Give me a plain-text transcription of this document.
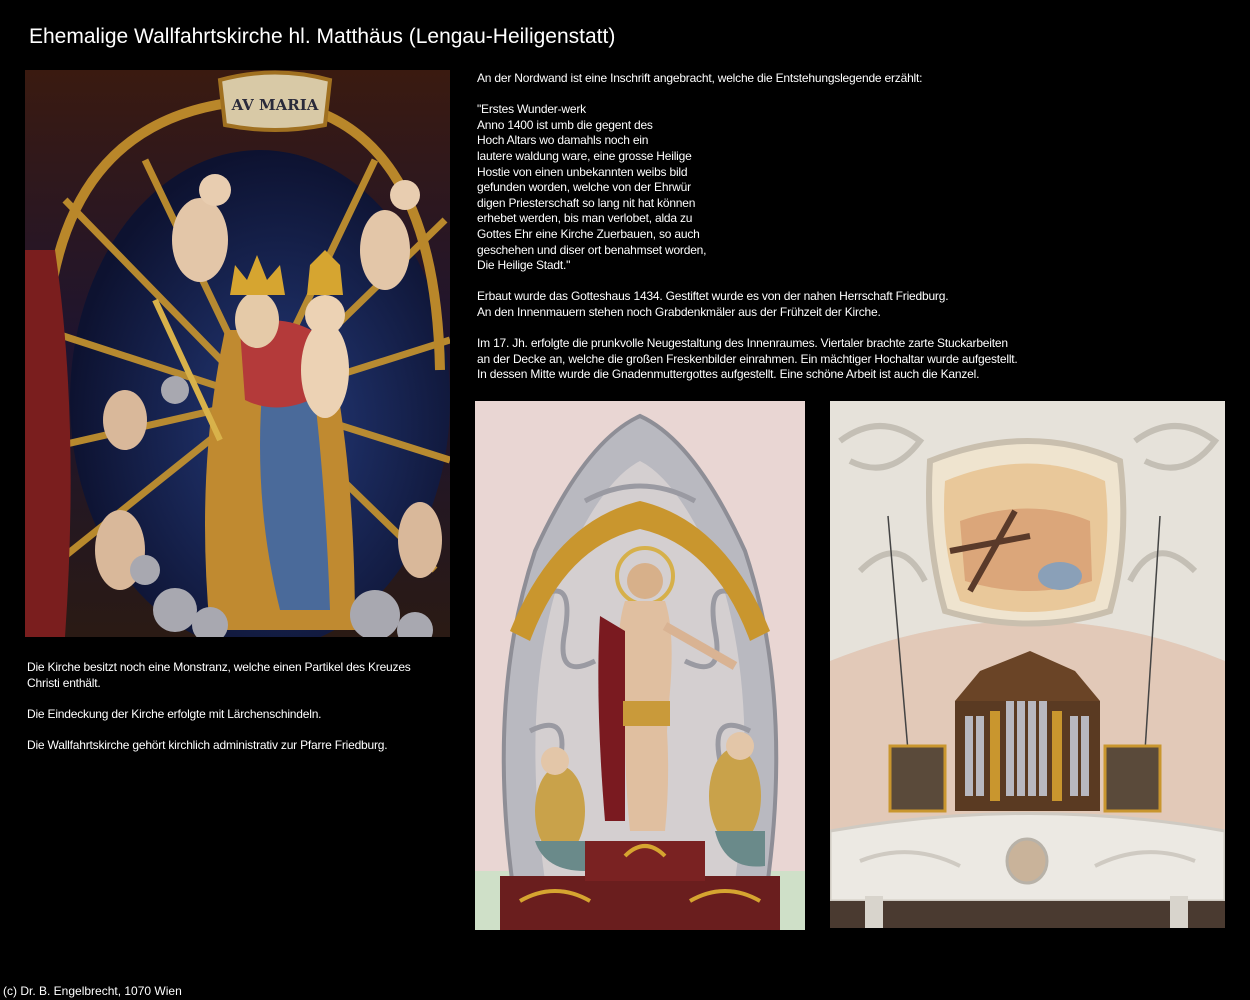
Ehemalige Wallfahrtskirche hl. Matthäus (Lengau-Heiligenstatt)
AV MARIA

An der Nordwand ist eine Inschrift angebracht, welche die Entstehungslegende erzählt:

"Erstes Wunder-werk
Anno 1400 ist umb die gegent des
Hoch Altars wo damahls noch ein
lautere waldung ware, eine grosse Heilige
Hostie von einen unbekannten weibs bild
gefunden worden, welche von der Ehrwür
digen Priesterschaft so lang nit hat können
erhebet werden, bis man verlobet, alda zu
Gottes Ehr eine Kirche Zuerbauen, so auch
geschehen und diser ort benahmset worden,
Die Heilige Stadt."

Erbaut wurde das Gotteshaus 1434. Gestiftet wurde es von der nahen Herrschaft Friedburg.
An den Innenmauern stehen noch Grabdenkmäler aus der Frühzeit der Kirche.

Im 17. Jh. erfolgte die prunkvolle Neugestaltung des Innenraumes. Viertaler brachte zarte Stuckarbeiten
an der Decke an, welche die großen Freskenbilder einrahmen. Ein mächtiger Hochaltar wurde aufgestellt.
In dessen Mitte wurde die Gnadenmuttergottes aufgestellt. Eine schöne Arbeit ist auch die Kanzel.

Die Kirche besitzt noch eine Monstranz, welche einen Partikel des Kreuzes
Christi enthält.

Die Eindeckung der Kirche erfolgte mit Lärchenschindeln.

Die Wallfahrtskirche gehört kirchlich administrativ zur Pfarre Friedburg.

(c) Dr. B. Engelbrecht, 1070 Wien
